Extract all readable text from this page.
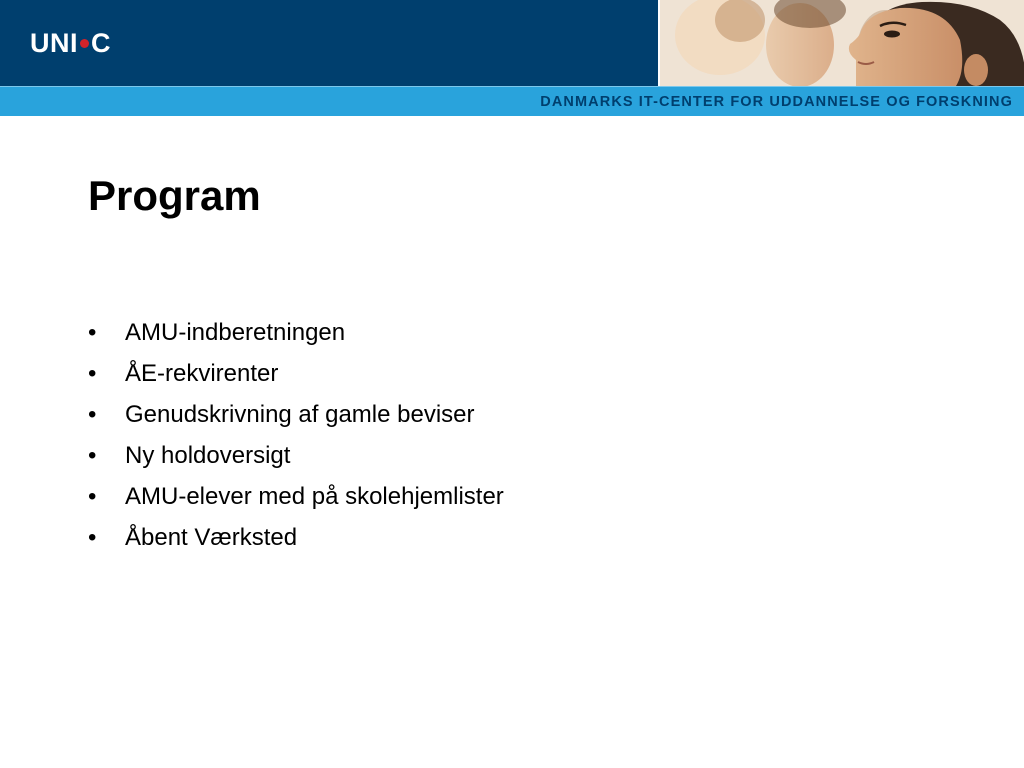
UNI C
DANMARKS IT-CENTER FOR UDDANNELSE OG FORSKNING
Program
•	AMU-indberetningen
•	ÅE-rekvirenter
•	Genudskrivning af gamle beviser
•	Ny holdoversigt
•	AMU-elever med på skolehjemlister
•	Åbent Værksted
